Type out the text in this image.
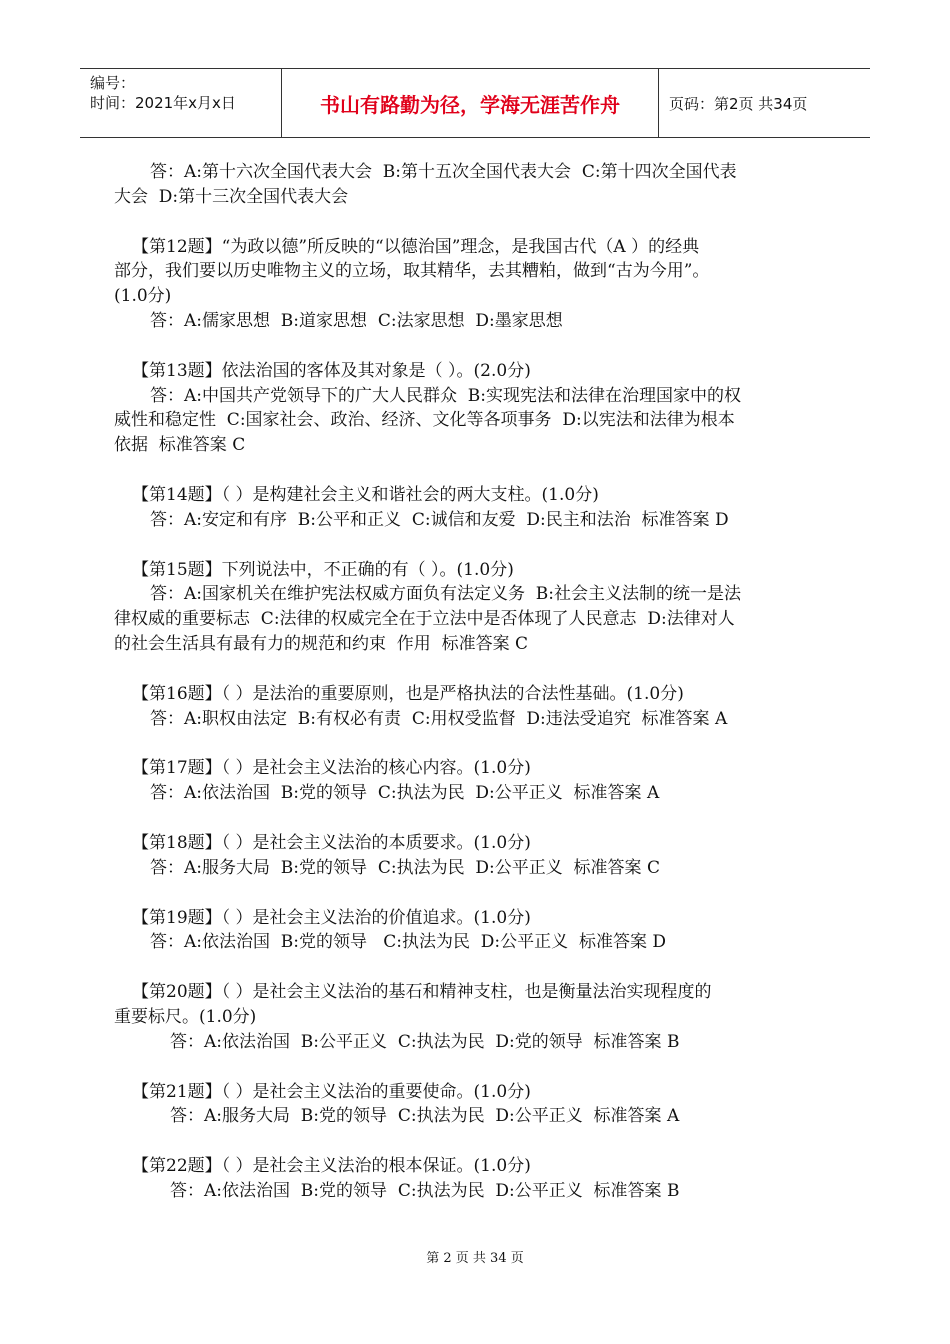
编号：
时间：2021年x月x日	书山有路勤为径，学海无涯苦作舟	页码：第2页 共34页
答：A:第十六次全国代表大会  B:第十五次全国代表大会  C:第十四次全国代表
大会  D:第十三次全国代表大会
【第12题】“为政以德”所反映的“以德治国”理念，是我国古代（A ）的经典
部分，我们要以历史唯物主义的立场，取其精华，去其糟粕，做到“古为今用”。
(1.0分)
答：A:儒家思想  B:道家思想  C:法家思想  D:墨家思想
【第13题】依法治国的客体及其对象是（ ）。(2.0分)
答：A:中国共产党领导下的广大人民群众  B:实现宪法和法律在治理国家中的权
威性和稳定性  C:国家社会、政治、经济、文化等各项事务  D:以宪法和法律为根本
依据  标准答案 C
【第14题】（ ）是构建社会主义和谐社会的两大支柱。(1.0分)
答：A:安定和有序  B:公平和正义  C:诚信和友爱  D:民主和法治  标准答案 D
【第15题】下列说法中，不正确的有（ ）。(1.0分)
答：A:国家机关在维护宪法权威方面负有法定义务  B:社会主义法制的统一是法
律权威的重要标志  C:法律的权威完全在于立法中是否体现了人民意志  D:法律对人
的社会生活具有最有力的规范和约束  作用  标准答案 C
【第16题】（ ）是法治的重要原则，也是严格执法的合法性基础。(1.0分)
答：A:职权由法定  B:有权必有责  C:用权受监督  D:违法受追究  标准答案 A
【第17题】（ ）是社会主义法治的核心内容。(1.0分)
答：A:依法治国  B:党的领导  C:执法为民  D:公平正义  标准答案 A
【第18题】（ ）是社会主义法治的本质要求。(1.0分)
答：A:服务大局  B:党的领导  C:执法为民  D:公平正义  标准答案 C
【第19题】（ ）是社会主义法治的价值追求。(1.0分)
答：A:依法治国  B:党的领导   C:执法为民  D:公平正义  标准答案 D
【第20题】（ ）是社会主义法治的基石和精神支柱，也是衡量法治实现程度的
重要标尺。(1.0分)
答：A:依法治国  B:公平正义  C:执法为民  D:党的领导  标准答案 B
【第21题】（ ）是社会主义法治的重要使命。(1.0分)
答：A:服务大局  B:党的领导  C:执法为民  D:公平正义  标准答案 A
【第22题】（ ）是社会主义法治的根本保证。(1.0分)
答：A:依法治国  B:党的领导  C:执法为民  D:公平正义  标准答案 B
第 2 页 共 34 页
